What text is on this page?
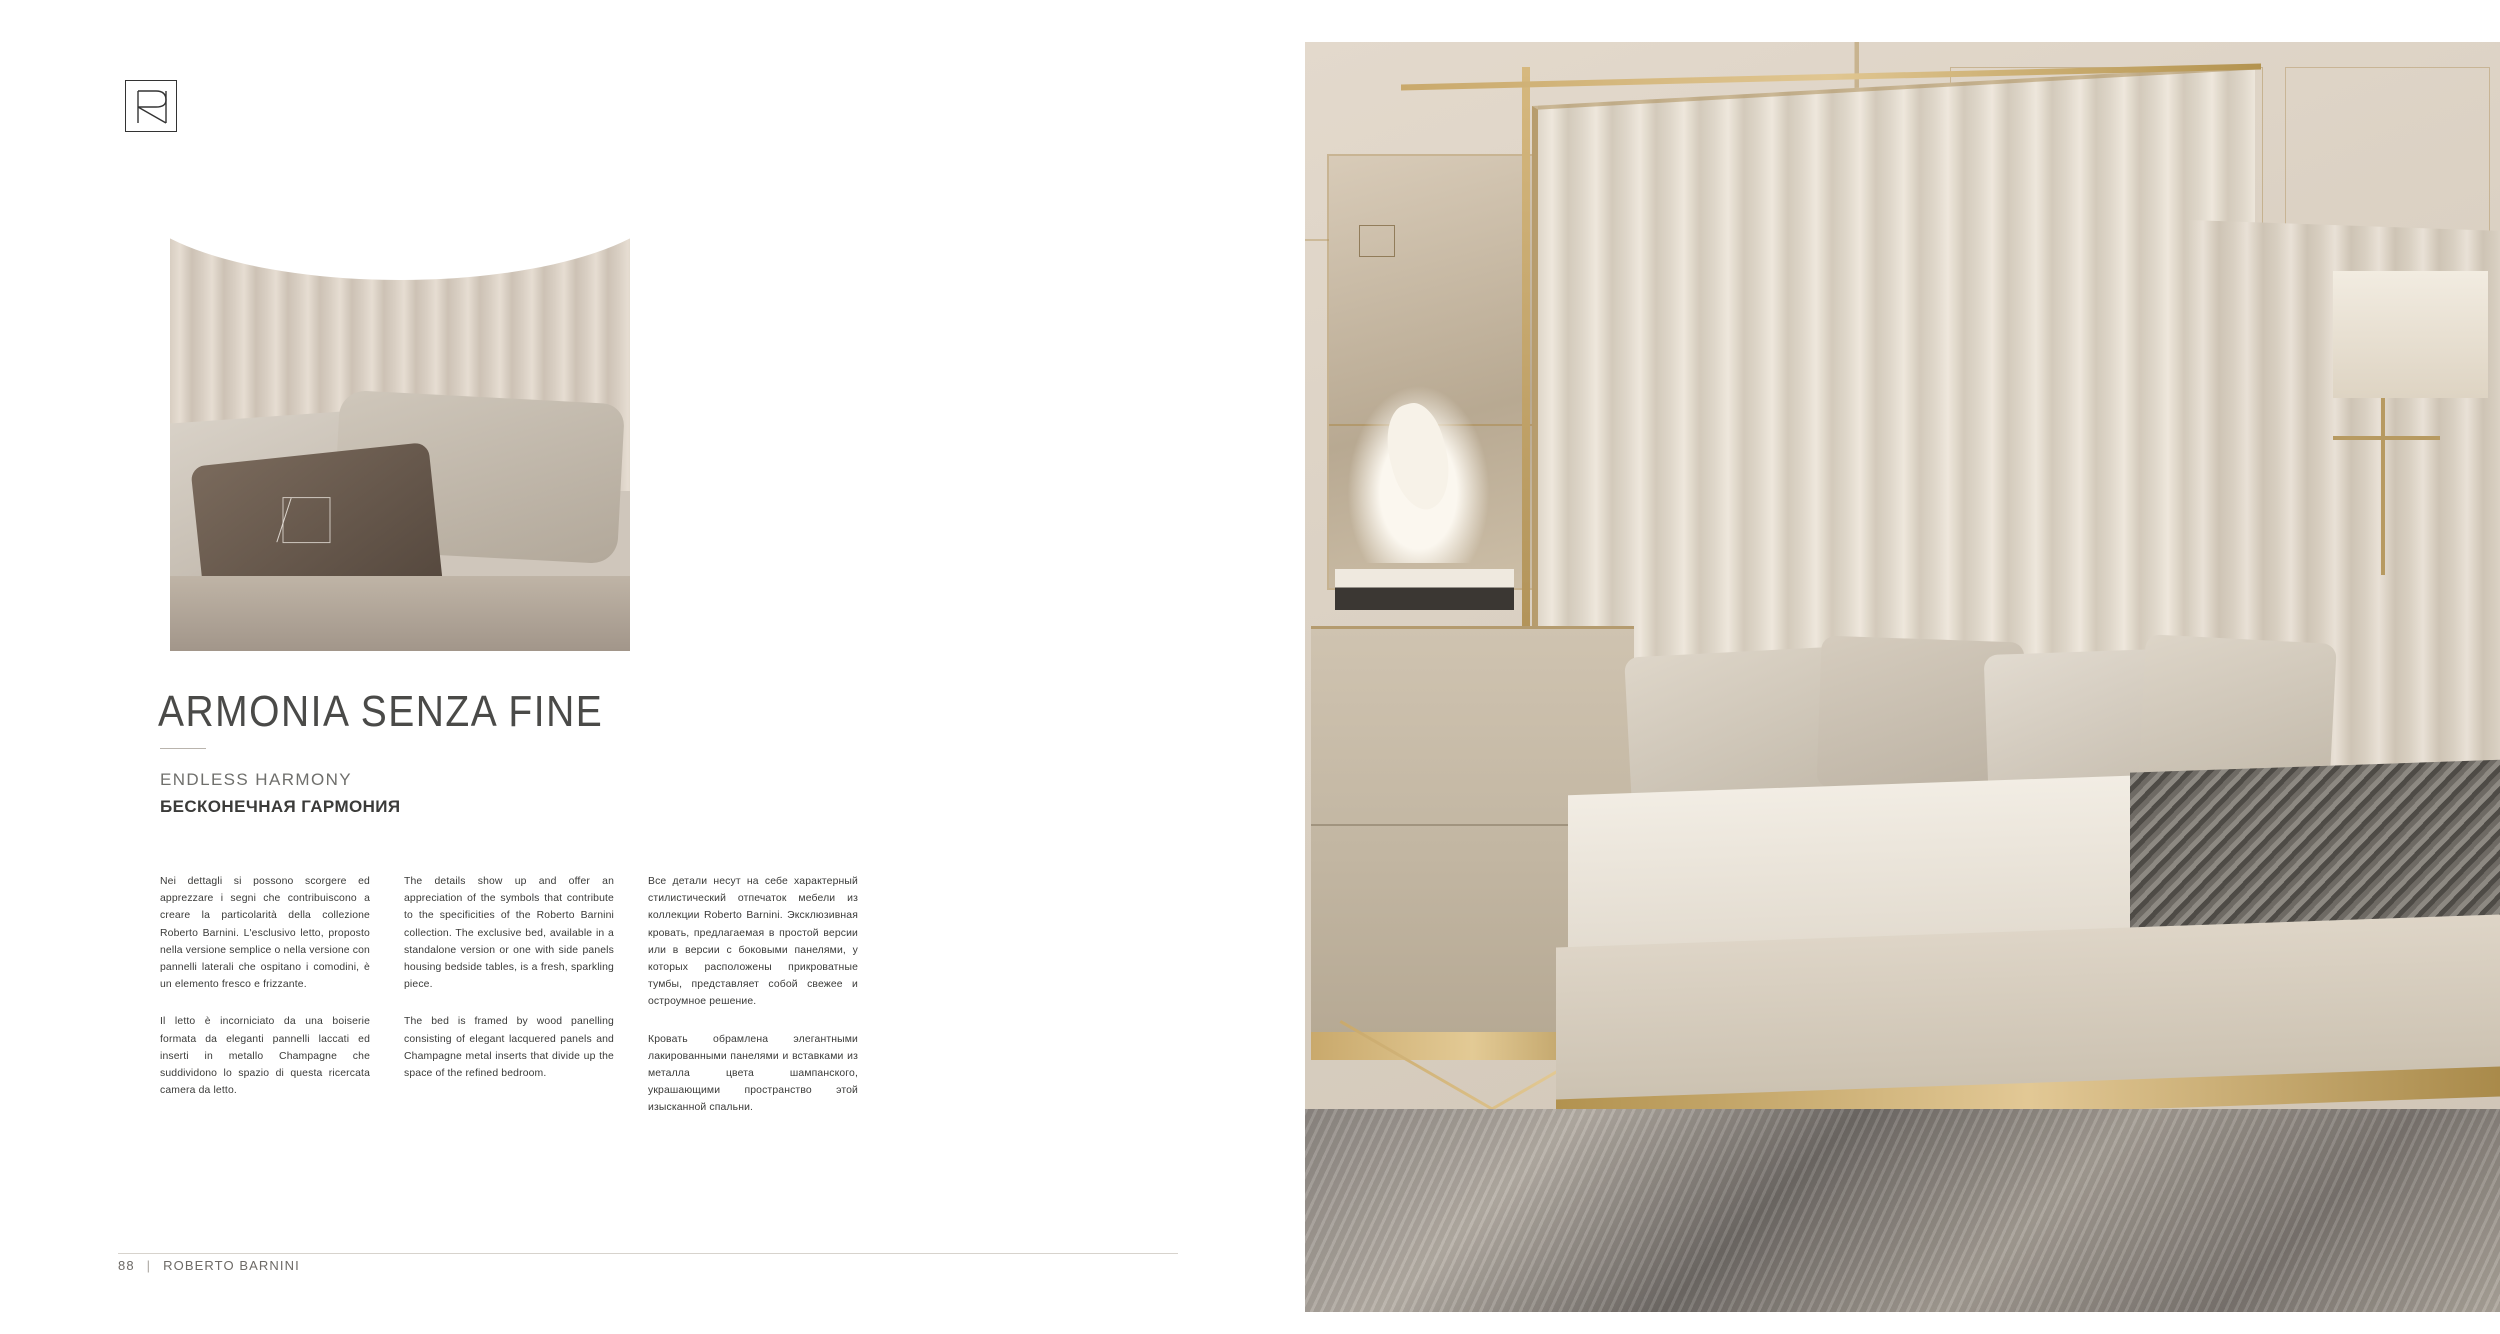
ARMONIA SENZA FINE
ENDLESS HARMONY
БЕСКОНЕЧНАЯ ГАРМОНИЯ

Nei dettagli si possono scorgere ed apprezzare i segni che contribuiscono a creare la particolarità della collezione Roberto Barnini. L'esclusivo letto, proposto nella versione semplice o nella versione con pannelli laterali che ospitano i comodini, è un elemento fresco e frizzante.

Il letto è incorniciato da una boiserie formata da eleganti pannelli laccati ed inserti in metallo Champagne che suddividono lo spazio di questa ricercata camera da letto.

The details show up and offer an appreciation of the symbols that contribute to the specificities of the Roberto Barnini collection. The exclusive bed, available in a standalone version or one with side panels housing bedside tables, is a fresh, sparkling piece.

The bed is framed by wood panelling consisting of elegant lacquered panels and Champagne metal inserts that divide up the space of the refined bedroom.

Все детали несут на себе характерный стилистический отпечаток мебели из коллекции Roberto Barnini. Эксклюзивная кровать, предлагаемая в простой версии или в версии с боковыми панелями, у которых расположены прикроватные тумбы, представляет собой свежее и остроумное решение.

Кровать обрамлена элегантными лакированными панелями и вставками из металла цвета шампанского, украшающими пространство этой изысканной спальни.

88 | ROBERTO BARNINI
